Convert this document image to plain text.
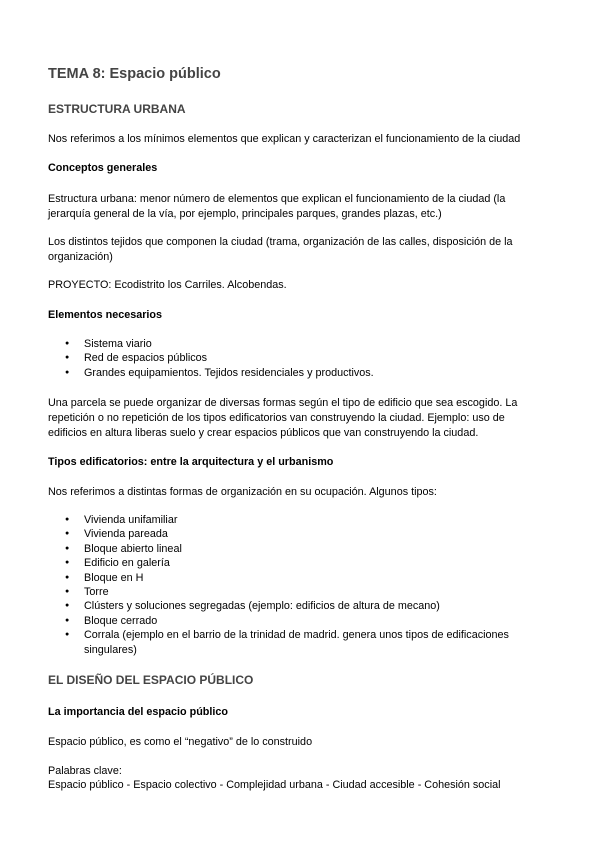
TEMA 8: Espacio público
ESTRUCTURA URBANA

Nos referimos a los mínimos elementos que explican y caracterizan el funcionamiento de la ciudad

Conceptos generales

Estructura urbana: menor número de elementos que explican el funcionamiento de la ciudad (la

jerarquía general de la vía, por ejemplo, principales parques, grandes plazas, etc.)

Los distintos tejidos que componen la ciudad (trama, organización de las calles, disposición de la

organización)

PROYECTO: Ecodistrito los Carriles. Alcobendas.

Elementos necesarios

● Sistema viario
● Red de espacios públicos
● Grandes equipamientos. Tejidos residenciales y productivos.

Una parcela se puede organizar de diversas formas según el tipo de edificio que sea escogido. La

repetición o no repetición de los tipos edificatorios van construyendo la ciudad. Ejemplo: uso de

edificios en altura liberas suelo y crear espacios públicos que van construyendo la ciudad.

Tipos edificatorios: entre la arquitectura y el urbanismo

Nos referimos a distintas formas de organización en su ocupación. Algunos tipos:

● Vivienda unifamiliar
● Vivienda pareada
● Bloque abierto lineal
● Edificio en galería
● Bloque en H
● Torre
● Clústers y soluciones segregadas (ejemplo: edificios de altura de mecano)
● Bloque cerrado
● Corrala (ejemplo en el barrio de la trinidad de madrid. genera unos tipos de edificaciones singulares)
EL DISEÑO DEL ESPACIO PÚBLICO

La importancia del espacio público

Espacio público, es como el “negativo” de lo construido

Palabras clave:

Espacio público - Espacio colectivo - Complejidad urbana - Ciudad accesible - Cohesión social
